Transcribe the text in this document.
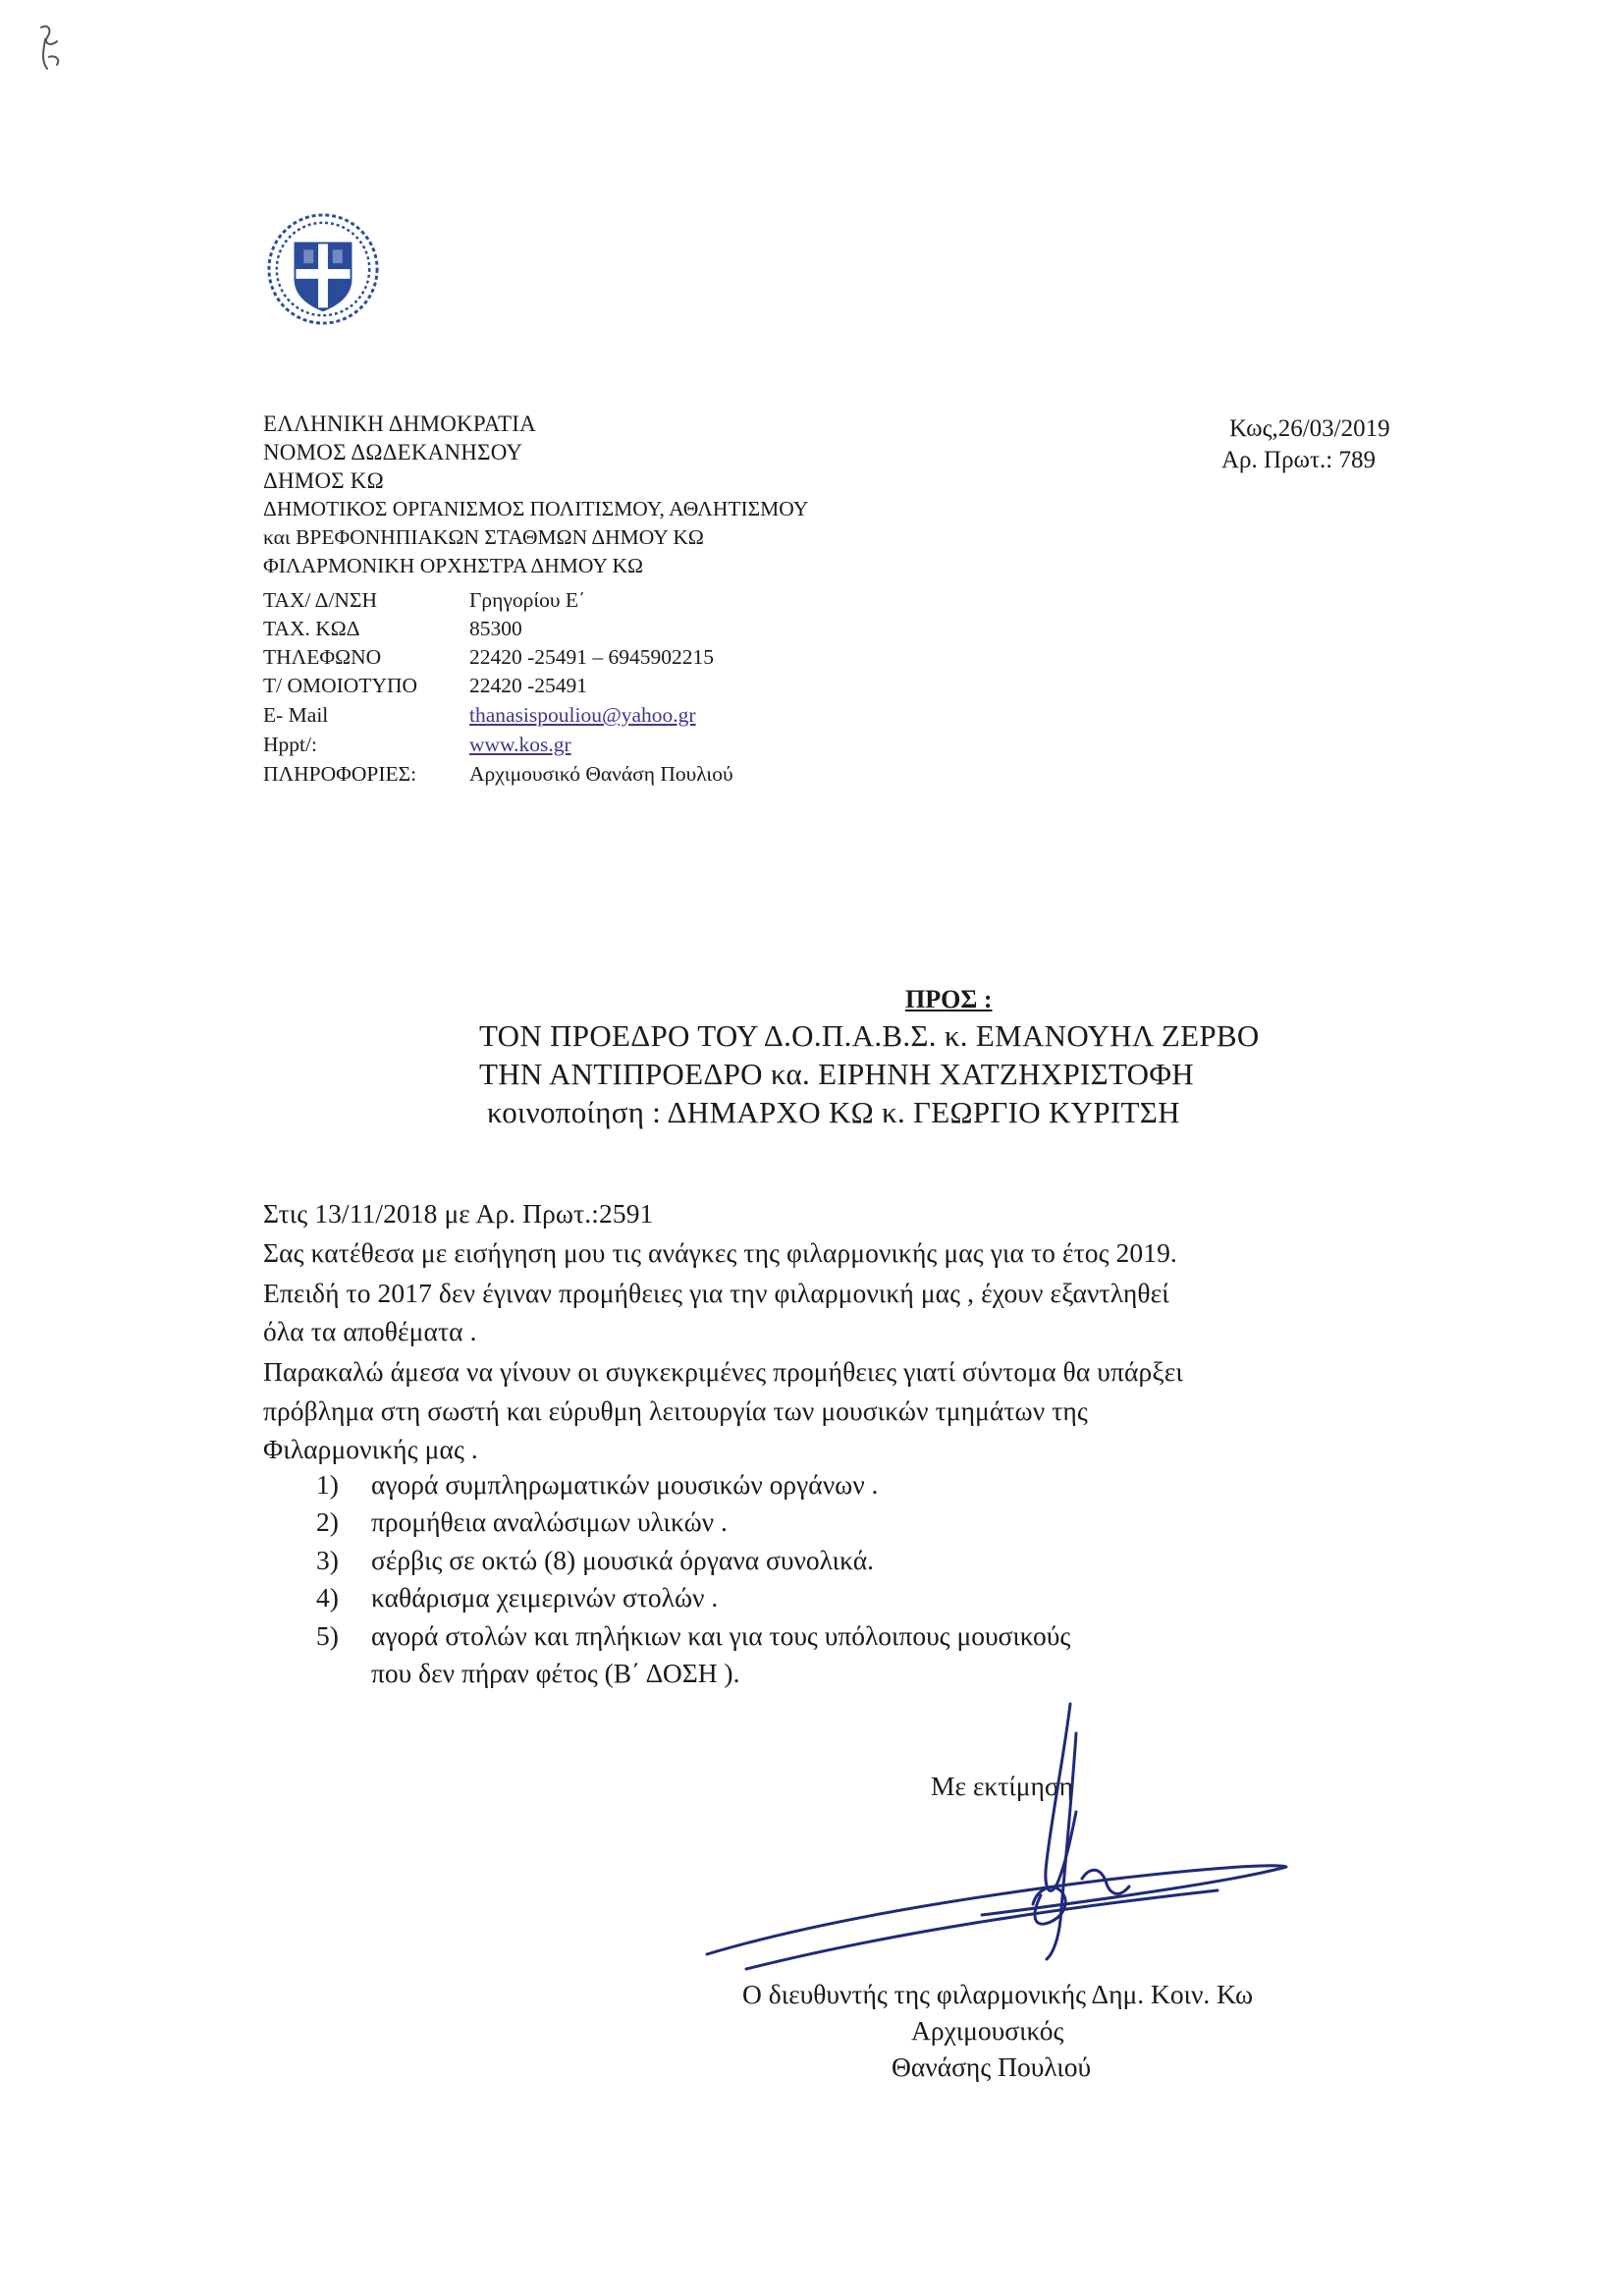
ΕΛΛΗΝΙΚΗ ΔΗΜΟΚΡΑΤΙΑ
ΝΟΜΟΣ ΔΩΔΕΚΑΝΗΣΟΥ
ΔΗΜΟΣ ΚΩ
ΔΗΜΟΤΙΚΟΣ ΟΡΓΑΝΙΣΜΟΣ ΠΟΛΙΤΙΣΜΟΥ, ΑΘΛΗΤΙΣΜΟΥ
και ΒΡΕΦΟΝΗΠΙΑΚΩΝ ΣΤΑΘΜΩΝ ΔΗΜΟΥ ΚΩ
ΦΙΛΑΡΜΟΝΙΚΗ ΟΡΧΗΣΤΡΑ ΔΗΜΟΥ ΚΩ
ΤΑΧ/ Δ/ΝΣΗ	Γρηγορίου Ε΄
ΤΑΧ. ΚΩΔ	85300
ΤΗΛΕΦΩΝΟ	22420 -25491 – 6945902215
Τ/ ΟΜΟΙΟΤΥΠΟ 22420 -25491
E- Mail	thanasispouliou@yahoo.gr
Hppt/:	www.kos.gr
ΠΛΗΡΟΦΟΡΙΕΣ:	Αρχιμουσικό Θανάση Πουλιού
Κως,26/03/2019
Αρ. Πρωτ.: 789
ΠΡΟΣ :
ΤΟΝ ΠΡΟΕΔΡΟ ΤΟΥ Δ.Ο.Π.Α.Β.Σ. κ. ΕΜΑΝΟΥΗΛ ΖΕΡΒΟ
ΤΗΝ ΑΝΤΙΠΡΟΕΔΡΟ κα. ΕΙΡΗΝΗ ΧΑΤΖΗΧΡΙΣΤΟΦΗ
κοινοποίηση : ΔΗΜΑΡΧΟ ΚΩ κ. ΓΕΩΡΓΙΟ ΚΥΡΙΤΣΗ
Στις 13/11/2018 με Αρ. Πρωτ.:2591
Σας κατέθεσα με εισήγηση μου τις ανάγκες της φιλαρμονικής μας για το έτος 2019.
Επειδή το 2017 δεν έγιναν προμήθειες για την φιλαρμονική μας , έχουν εξαντληθεί
όλα τα αποθέματα .
Παρακαλώ άμεσα να γίνουν οι συγκεκριμένες προμήθειες γιατί σύντομα θα υπάρξει
πρόβλημα στη σωστή και εύρυθμη λειτουργία των μουσικών τμημάτων της
Φιλαρμονικής μας .
1) αγορά συμπληρωματικών μουσικών οργάνων .
2) προμήθεια αναλώσιμων υλικών .
3) σέρβις σε οκτώ (8) μουσικά όργανα συνολικά.
4) καθάρισμα χειμερινών στολών .
5) αγορά στολών και πηλήκιων και για τους υπόλοιπους μουσικούς
που δεν πήραν φέτος (Β΄ ΔΟΣΗ ).
Με εκτίμηση
Ο διευθυντής της φιλαρμονικής Δημ. Κοιν. Κω
Αρχιμουσικός
Θανάσης Πουλιού
